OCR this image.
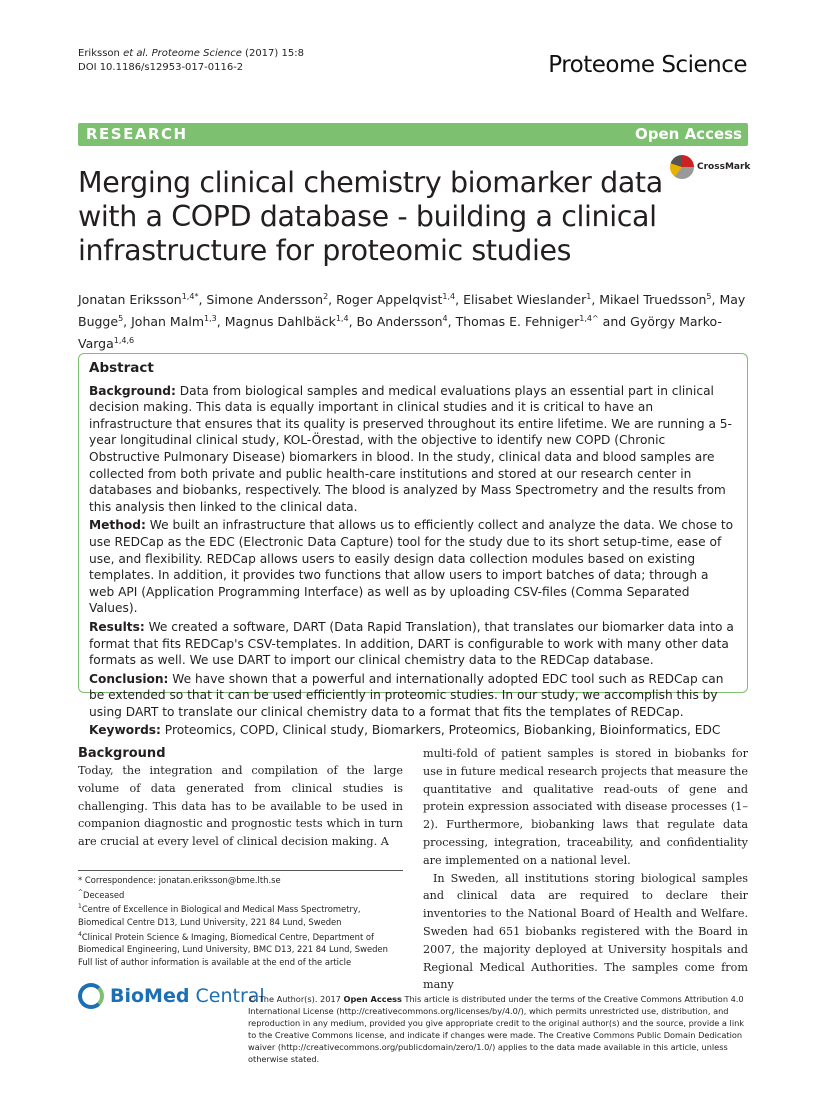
Eriksson et al. Proteome Science (2017) 15:8
DOI 10.1186/s12953-017-0116-2	Proteome Science
RESEARCH	Open Access
Merging clinical chemistry biomarker data with a COPD database - building a clinical infrastructure for proteomic studies
CrossMark
Jonatan Eriksson$^{1,4*}$, Simone Andersson$^2$, Roger Appelqvist$^{1,4}$, Elisabet Wieslander$^1$, Mikael Truedsson$^5$, May Bugge$^5$, Johan Malm$^{1,3}$, Magnus Dahlbäck$^{1,4}$, Bo Andersson$^4$, Thomas E. Fehniger$^{1,4\^{}}$ and György Marko-Varga$^{1,4,6}$
Abstract

Background: Data from biological samples and medical evaluations plays an essential part in clinical decision making. This data is equally important in clinical studies and it is critical to have an infrastructure that ensures that its quality is preserved throughout its entire lifetime. We are running a 5-year longitudinal clinical study, KOL-Örestad, with the objective to identify new COPD (Chronic Obstructive Pulmonary Disease) biomarkers in blood. In the study, clinical data and blood samples are collected from both private and public health-care institutions and stored at our research center in databases and biobanks, respectively. The blood is analyzed by Mass Spectrometry and the results from this analysis then linked to the clinical data.

Method: We built an infrastructure that allows us to efficiently collect and analyze the data. We chose to use REDCap as the EDC (Electronic Data Capture) tool for the study due to its short setup-time, ease of use, and flexibility. REDCap allows users to easily design data collection modules based on existing templates. In addition, it provides two functions that allow users to import batches of data; through a web API (Application Programming Interface) as well as by uploading CSV-files (Comma Separated Values).

Results: We created a software, DART (Data Rapid Translation), that translates our biomarker data into a format that fits REDCap's CSV-templates. In addition, DART is configurable to work with many other data formats as well. We use DART to import our clinical chemistry data to the REDCap database.

Conclusion: We have shown that a powerful and internationally adopted EDC tool such as REDCap can be extended so that it can be used efficiently in proteomic studies. In our study, we accomplish this by using DART to translate our clinical chemistry data to a format that fits the templates of REDCap.

Keywords: Proteomics, COPD, Clinical study, Biomarkers, Proteomics, Biobanking, Bioinformatics, EDC

Background

Today, the integration and compilation of the large volume of data generated from clinical studies is challenging. This data has to be available to be used in companion diagnostic and prognostic tests which in turn are crucial at every level of clinical decision making. A

multi-fold of patient samples is stored in biobanks for use in future medical research projects that measure the quantitative and qualitative read-outs of gene and protein expression associated with disease processes (1–2). Furthermore, biobanking laws that regulate data processing, integration, traceability, and confidentiality are implemented on a national level.

In Sweden, all institutions storing biological samples and clinical data are required to declare their inventories to the National Board of Health and Welfare. Sweden had 651 biobanks registered with the Board in 2007, the majority deployed at University hospitals and Regional Medical Authorities. The samples come from many

* Correspondence: jonatan.eriksson@bme.lth.se
^Deceased
$^1$Centre of Excellence in Biological and Medical Mass Spectrometry, Biomedical Centre D13, Lund University, 221 84 Lund, Sweden
$^4$Clinical Protein Science & Imaging, Biomedical Centre, Department of Biomedical Engineering, Lund University, BMC D13, 221 84 Lund, Sweden
Full list of author information is available at the end of the article
BioMed Central
© The Author(s). 2017 Open Access This article is distributed under the terms of the Creative Commons Attribution 4.0 International License (http://creativecommons.org/licenses/by/4.0/), which permits unrestricted use, distribution, and reproduction in any medium, provided you give appropriate credit to the original author(s) and the source, provide a link to the Creative Commons license, and indicate if changes were made. The Creative Commons Public Domain Dedication waiver (http://creativecommons.org/publicdomain/zero/1.0/) applies to the data made available in this article, unless otherwise stated.
